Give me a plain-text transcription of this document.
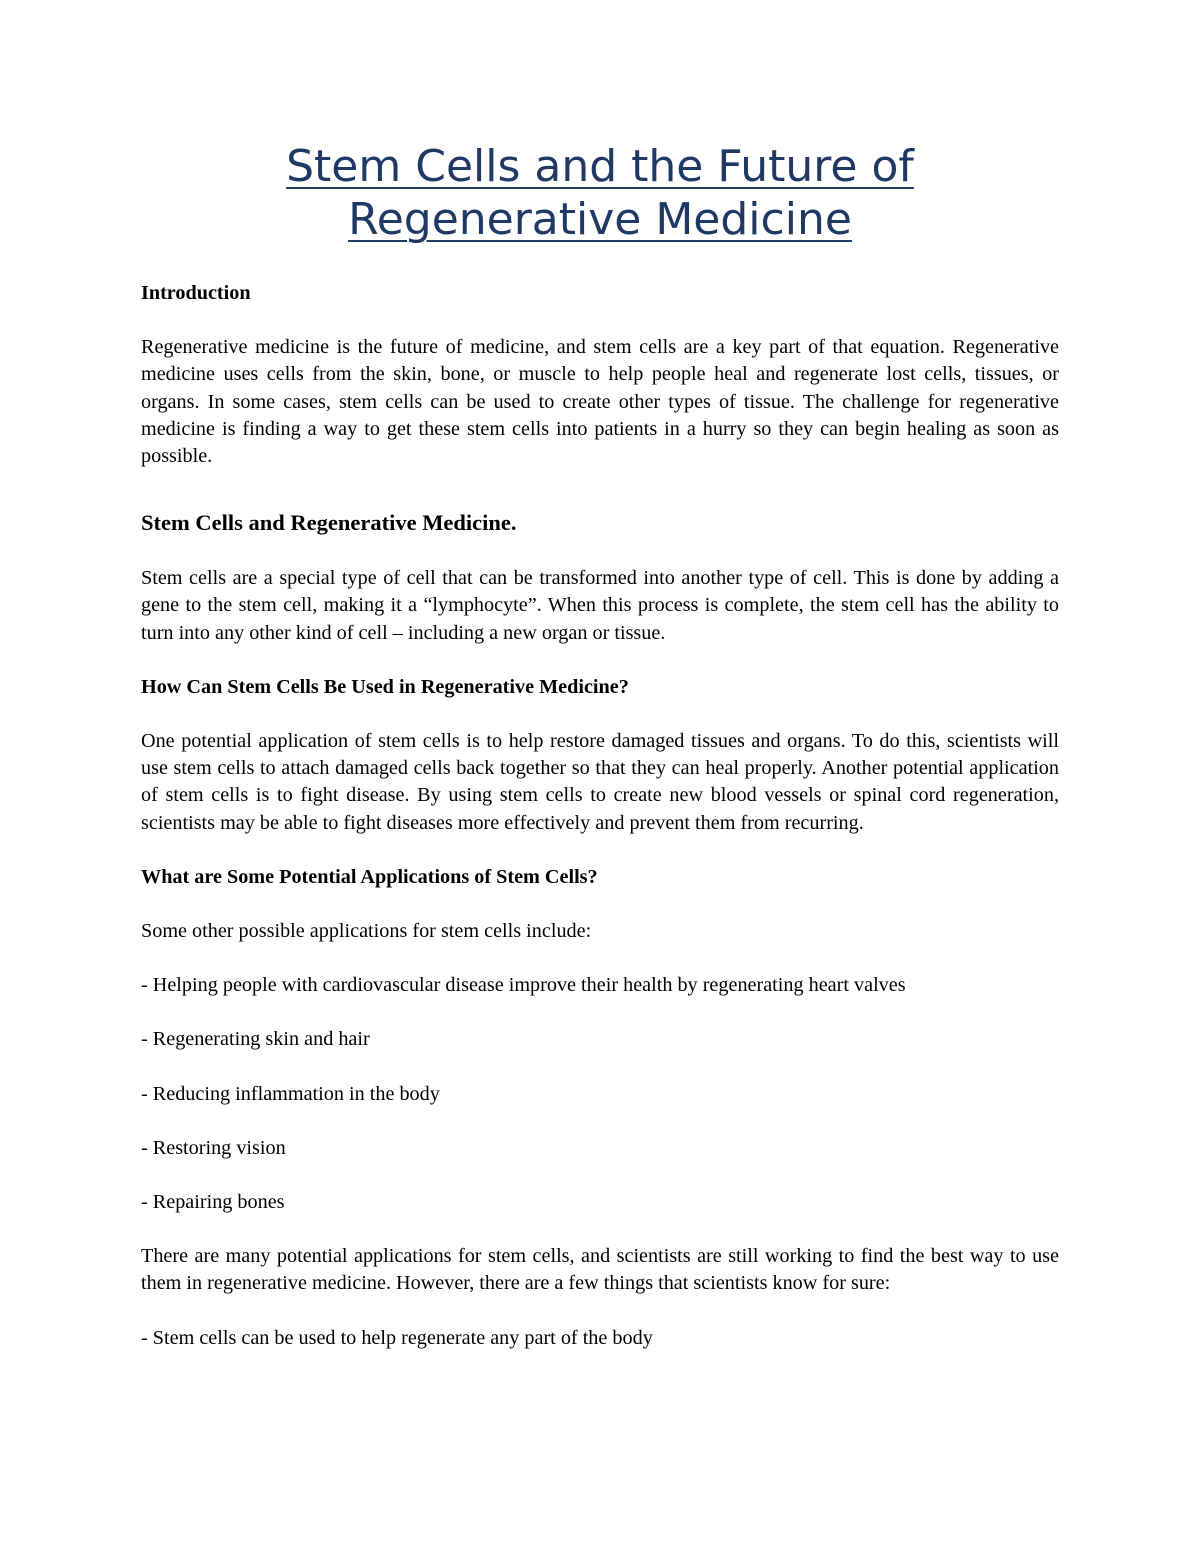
Stem Cells and the Future of Regenerative Medicine

Introduction

Regenerative medicine is the future of medicine, and stem cells are a key part of that equation. Regenerative medicine uses cells from the skin, bone, or muscle to help people heal and regenerate lost cells, tissues, or organs. In some cases, stem cells can be used to create other types of tissue. The challenge for regenerative medicine is finding a way to get these stem cells into patients in a hurry so they can begin healing as soon as possible.

Stem Cells and Regenerative Medicine.

Stem cells are a special type of cell that can be transformed into another type of cell. This is done by adding a gene to the stem cell, making it a “lymphocyte”. When this process is complete, the stem cell has the ability to turn into any other kind of cell – including a new organ or tissue.

How Can Stem Cells Be Used in Regenerative Medicine?

One potential application of stem cells is to help restore damaged tissues and organs. To do this, scientists will use stem cells to attach damaged cells back together so that they can heal properly. Another potential application of stem cells is to fight disease. By using stem cells to create new blood vessels or spinal cord regeneration, scientists may be able to fight diseases more effectively and prevent them from recurring.

What are Some Potential Applications of Stem Cells?

Some other possible applications for stem cells include:

- Helping people with cardiovascular disease improve their health by regenerating heart valves

- Regenerating skin and hair

- Reducing inflammation in the body

- Restoring vision

- Repairing bones

There are many potential applications for stem cells, and scientists are still working to find the best way to use them in regenerative medicine. However, there are a few things that scientists know for sure:

- Stem cells can be used to help regenerate any part of the body
